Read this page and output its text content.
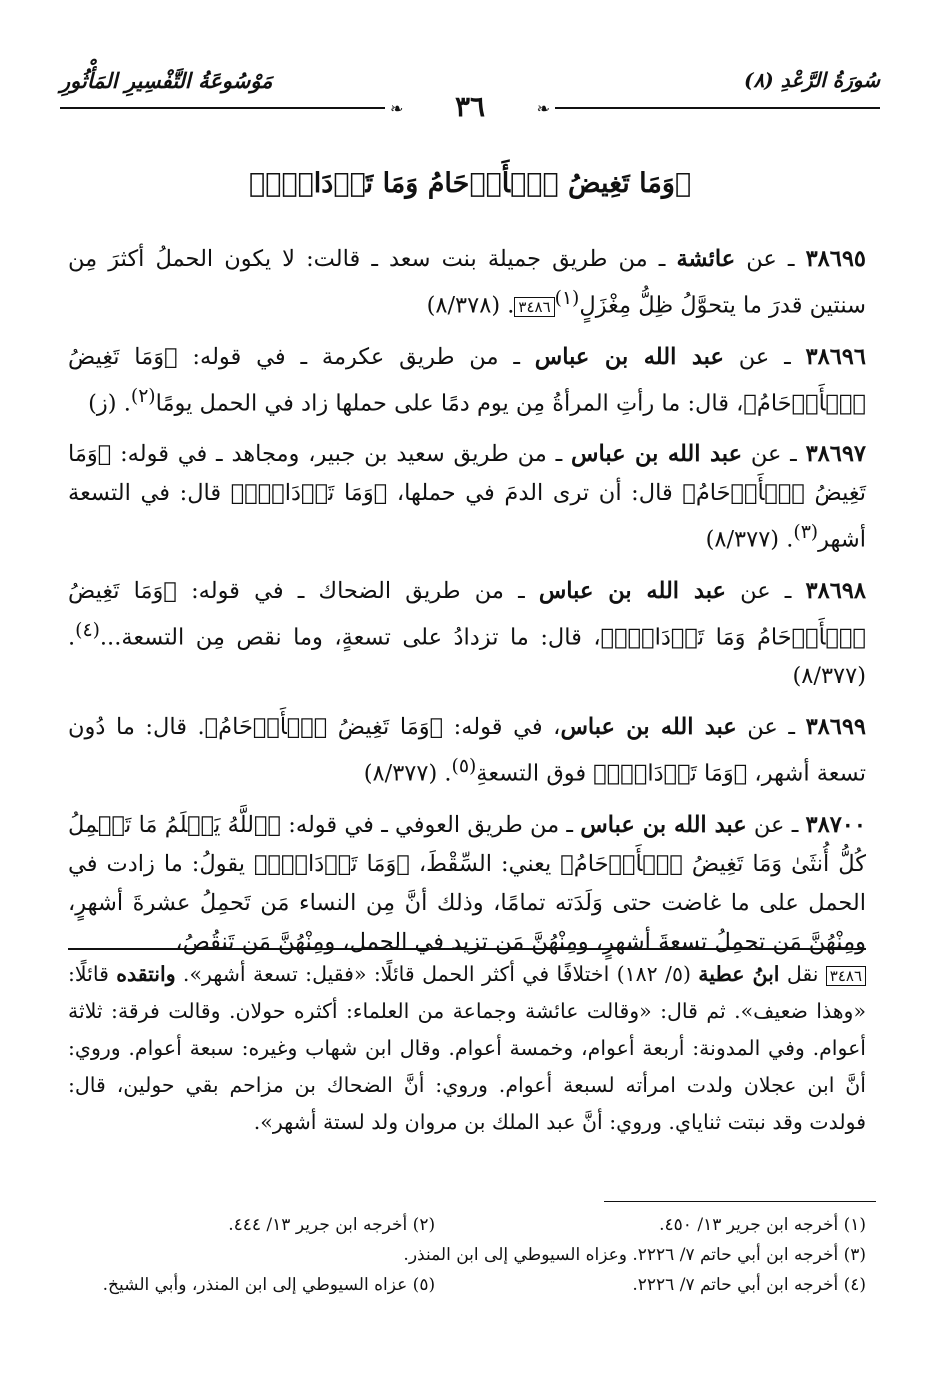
سُورَةُ الرَّعْدِ (٨)
مَوْسُوعَةُ التَّفْسِيرِ المَأْثُورِ
❧
❧	٣٦
﴿وَمَا تَغِيضُ ٱلۡأَرۡحَامُ وَمَا تَزۡدَادُۖ﴾

٣٨٦٩٥ ـ عن عائشة ـ من طريق جميلة بنت سعد ـ قالت: لا يكون الحملُ أكثرَ مِن سنتين قدرَ ما يتحوَّلُ ظِلُّ مِغْزَلٍ$^{(١)}$٣٤٨٦. (٨/٣٧٨)

٣٨٦٩٦ ـ عن عبد الله بن عباس ـ من طريق عكرمة ـ في قوله: ﴿وَمَا تَغِيضُ ٱلۡأَرۡحَامُ﴾، قال: ما رأتِ المرأةُ مِن يوم دمًا على حملها زاد في الحمل يومًا$^{(٢)}$. (ز)

٣٨٦٩٧ ـ عن عبد الله بن عباس ـ من طريق سعيد بن جبير، ومجاهد ـ في قوله: ﴿وَمَا تَغِيضُ ٱلۡأَرۡحَامُ﴾ قال: أن ترى الدمَ في حملها، ﴿وَمَا تَزۡدَادُۖ﴾ قال: في التسعة أشهر$^{(٣)}$. (٨/٣٧٧)

٣٨٦٩٨ ـ عن عبد الله بن عباس ـ من طريق الضحاك ـ في قوله: ﴿وَمَا تَغِيضُ ٱلۡأَرۡحَامُ وَمَا تَزۡدَادُۖ﴾، قال: ما تزدادُ على تسعةٍ، وما نقص مِن التسعة...$^{(٤)}$. (٨/٣٧٧)

٣٨٦٩٩ ـ عن عبد الله بن عباس، في قوله: ﴿وَمَا تَغِيضُ ٱلۡأَرۡحَامُ﴾. قال: ما دُون تسعة أشهر، ﴿وَمَا تَزۡدَادُۖ﴾ فوق التسعةِ$^{(٥)}$. (٨/٣٧٧)

٣٨٧٠٠ ـ عن عبد الله بن عباس ـ من طريق العوفي ـ في قوله: ﴿ٱللَّهُ يَعۡلَمُ مَا تَحۡمِلُ كُلُّ أُنثَىٰ وَمَا تَغِيضُ ٱلۡأَرۡحَامُ﴾ يعني: السِّقْطَ، ﴿وَمَا تَزۡدَادُۖ﴾ يقولُ: ما زادت في الحمل على ما غاضت حتى وَلَدَته تمامًا، وذلك أنَّ مِن النساء مَن تَحمِلُ عشرةَ أشهرٍ، ومِنْهُنَّ مَن تحمِلُ تسعةَ أشهرٍ، ومِنْهُنَّ مَن تزيد في الحمل، ومِنْهُنَّ مَن تَنقُصُ،

٣٤٨٦ نقل ابنُ عطية (٥/ ١٨٢) اختلافًا في أكثر الحمل قائلًا: «فقيل: تسعة أشهر». وانتقده قائلًا: «وهذا ضعيف». ثم قال: «وقالت عائشة وجماعة من العلماء: أكثره حولان. وقالت فرقة: ثلاثة أعوام. وفي المدونة: أربعة أعوام، وخمسة أعوام. وقال ابن شهاب وغيره: سبعة أعوام. وروي: أنَّ ابن عجلان ولدت امرأته لسبعة أعوام. وروي: أنَّ الضحاك بن مزاحم بقي حولين، قال: فولدت وقد نبتت ثناياي. وروي: أنَّ عبد الملك بن مروان ولد لستة أشهر».
(١) أخرجه ابن جرير ١٣/ ٤٥٠.
(٢) أخرجه ابن جرير ١٣/ ٤٤٤.
(٣) أخرجه ابن أبي حاتم ٧/ ٢٢٢٦. وعزاه السيوطي إلى ابن المنذر.
(٤) أخرجه ابن أبي حاتم ٧/ ٢٢٢٦.
(٥) عزاه السيوطي إلى ابن المنذر، وأبي الشيخ.
